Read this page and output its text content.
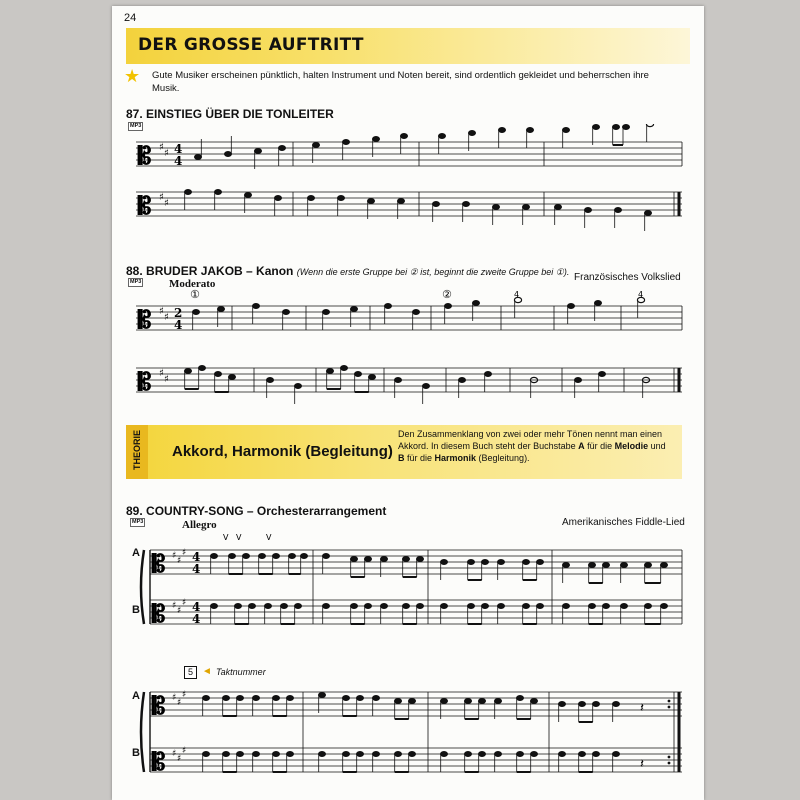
24
DER GROSSE AUFTRITT
★ Gute Musiker erscheinen pünktlich, halten Instrument und Noten bereit, sind ordentlich gekleidet und beherrschen ihre Musik.
87. EINSTIEG ÜBER DIE TONLEITER
MP3
𝄡
𝄡
♯
♯
♯
♯
4
4
88. BRUDER JAKOB – Kanon (Wenn die erste Gruppe bei ② ist, beginnt die zweite Gruppe bei ①).
MP3	Moderato
Französisches Volkslied
𝄡
𝄡
♯
♯
♯
♯
2
4
①	②	4	4
THEORIE Akkord, Harmonik (Begleitung)
Den Zusammenklang von zwei oder mehr Tönen nennt man einen Akkord. In diesem Buch steht der Buchstabe A für die Melodie und
B für die Harmonik (Begleitung).
89. COUNTRY-SONG – Orchesterarrangement
MP3	Allegro	Amerikanisches Fiddle-Lied
A
B
𝄡
𝄡
♯ ♯
♯
♯ ♯
♯
4
4
4
4
V V	V
5 ◄ Taktnummer
A
B
𝄡
𝄡
♯ ♯
♯
♯ ♯
♯
𝄽
𝄽
